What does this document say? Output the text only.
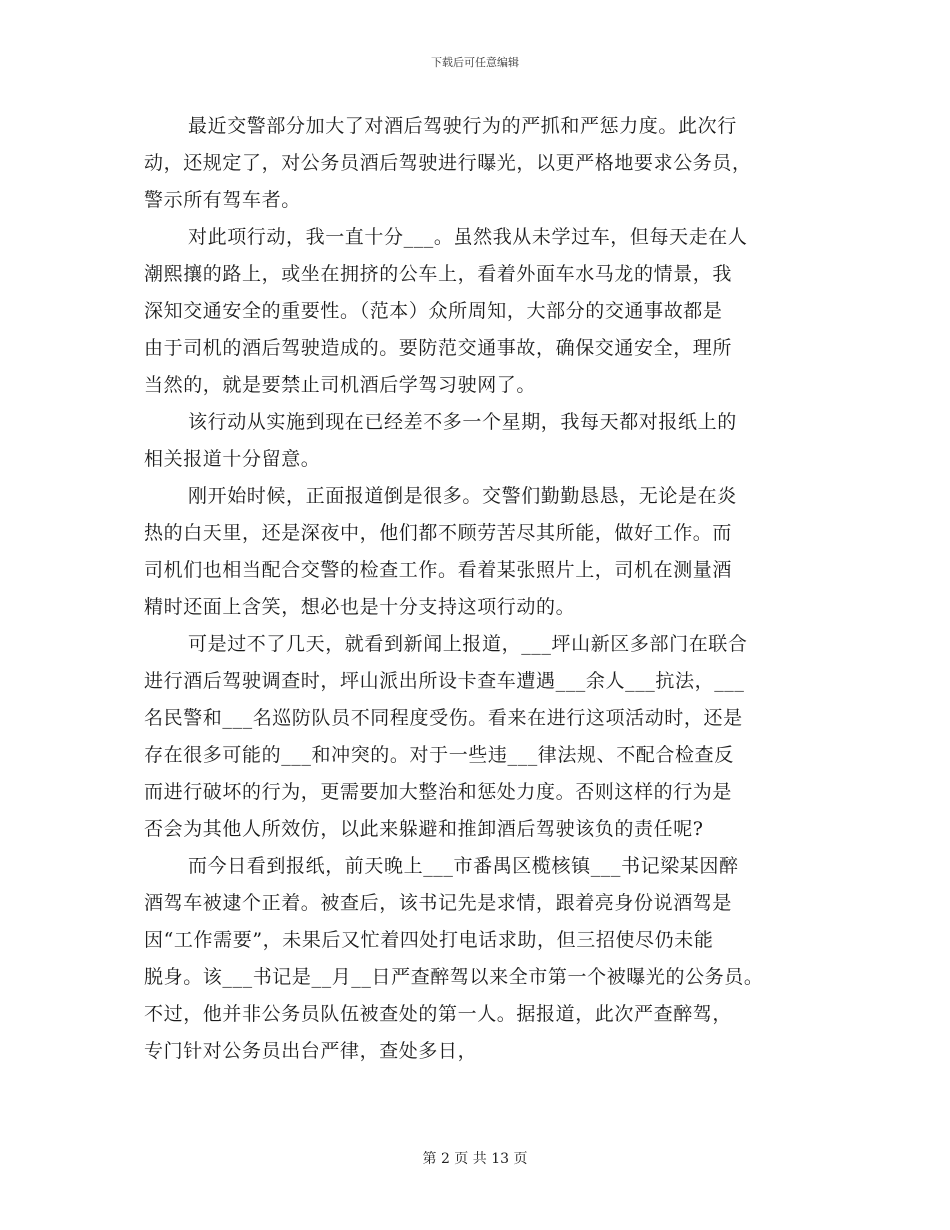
下载后可任意编辑
最近交警部分加大了对酒后驾驶行为的严抓和严惩力度。此次行
动，还规定了，对公务员酒后驾驶进行曝光，以更严格地要求公务员，
警示所有驾车者。
对此项行动，我一直十分___。虽然我从未学过车，但每天走在人
潮熙攘的路上，或坐在拥挤的公车上，看着外面车水马龙的情景，我
深知交通安全的重要性。（范本）众所周知，大部分的交通事故都是
由于司机的酒后驾驶造成的。要防范交通事故，确保交通安全，理所
当然的，就是要禁止司机酒后学驾习驶网了。
该行动从实施到现在已经差不多一个星期，我每天都对报纸上的
相关报道十分留意。
刚开始时候，正面报道倒是很多。交警们勤勤恳恳，无论是在炎
热的白天里，还是深夜中，他们都不顾劳苦尽其所能，做好工作。而
司机们也相当配合交警的检查工作。看着某张照片上，司机在测量酒
精时还面上含笑，想必也是十分支持这项行动的。
可是过不了几天，就看到新闻上报道，___坪山新区多部门在联合
进行酒后驾驶调查时，坪山派出所设卡查车遭遇___余人___抗法，___
名民警和___名巡防队员不同程度受伤。看来在进行这项活动时，还是
存在很多可能的___和冲突的。对于一些违___律法规、不配合检查反
而进行破坏的行为，更需要加大整治和惩处力度。否则这样的行为是
否会为其他人所效仿，以此来躲避和推卸酒后驾驶该负的责任呢?
而今日看到报纸，前天晚上___市番禺区榄核镇___书记梁某因醉
酒驾车被逮个正着。被查后，该书记先是求情，跟着亮身份说酒驾是
因“工作需要”，未果后又忙着四处打电话求助，但三招使尽仍未能
脱身。该___书记是__月__日严查醉驾以来全市第一个被曝光的公务员。
不过，他并非公务员队伍被查处的第一人。据报道，此次严查醉驾，
专门针对公务员出台严律，查处多日，
第 2 页 共 13 页
